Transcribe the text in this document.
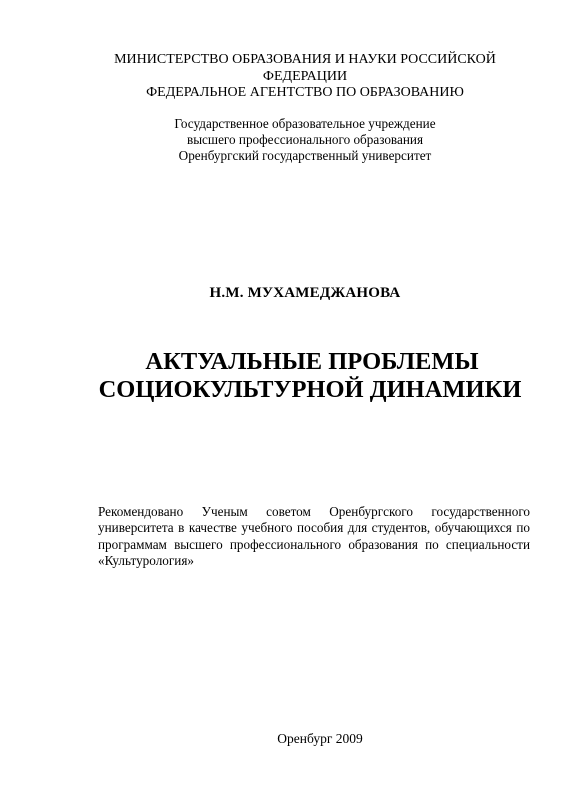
МИНИСТЕРСТВО ОБРАЗОВАНИЯ И НАУКИ РОССИЙСКОЙ
ФЕДЕРАЦИИ
ФЕДЕРАЛЬНОЕ АГЕНТСТВО ПО ОБРАЗОВАНИЮ
Государственное образовательное учреждение
высшего профессионального образования
Оренбургский государственный университет
Н.М. МУХАМЕДЖАНОВА
АКТУАЛЬНЫЕ ПРОБЛЕМЫ
СОЦИОКУЛЬТУРНОЙ ДИНАМИКИ
Рекомендовано Ученым советом Оренбургского государственного университета в качестве учебного пособия для студентов, обучающихся по программам высшего профессионального образования по специальности «Культурология»
Оренбург 2009
